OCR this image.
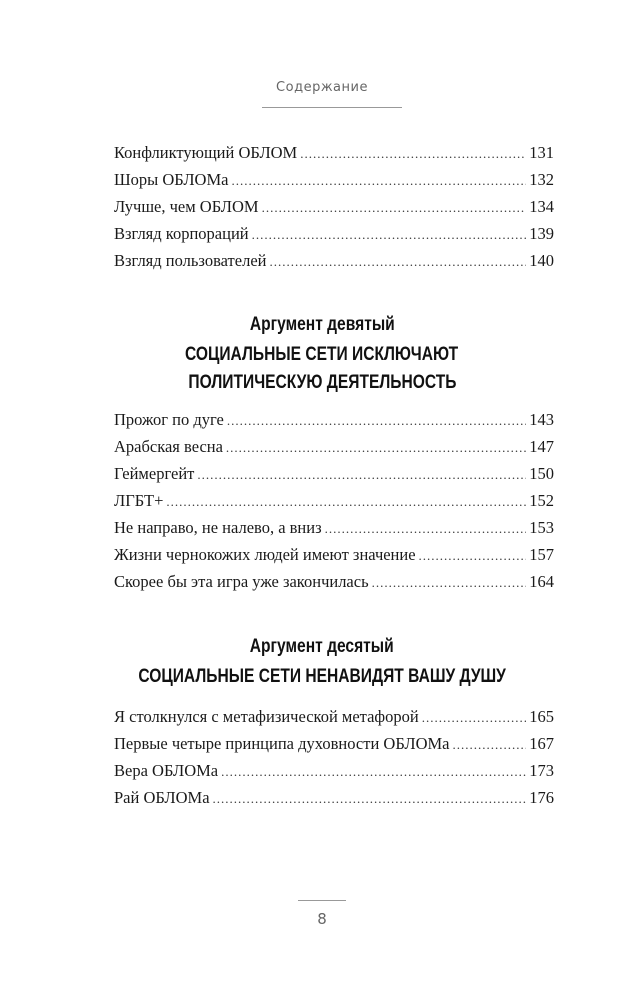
Содержание
Конфликтующий ОБЛОМ .....	131
Шоры ОБЛОМа .....	132
Лучше, чем ОБЛОМ .....	134
Взгляд корпораций .....	139
Взгляд пользователей .....	140
Аргумент девятый
СОЦИАЛЬНЫЕ СЕТИ ИСКЛЮЧАЮТ
ПОЛИТИЧЕСКУЮ ДЕЯТЕЛЬНОСТЬ
Прожог по дуге .....	143
Арабская весна .....	147
Геймергейт .....	150
ЛГБТ+ .....	152
Не направо, не налево, а вниз .....	153
Жизни чернокожих людей имеют значение .....	157
Скорее бы эта игра уже закончилась .....	164
Аргумент десятый
СОЦИАЛЬНЫЕ СЕТИ НЕНАВИДЯТ ВАШУ ДУШУ
Я столкнулся с метафизической метафорой .....	165
Первые четыре принципа духовности ОБЛОМа .....	167
Вера ОБЛОМа .....	173
Рай ОБЛОМа .....	176
8
